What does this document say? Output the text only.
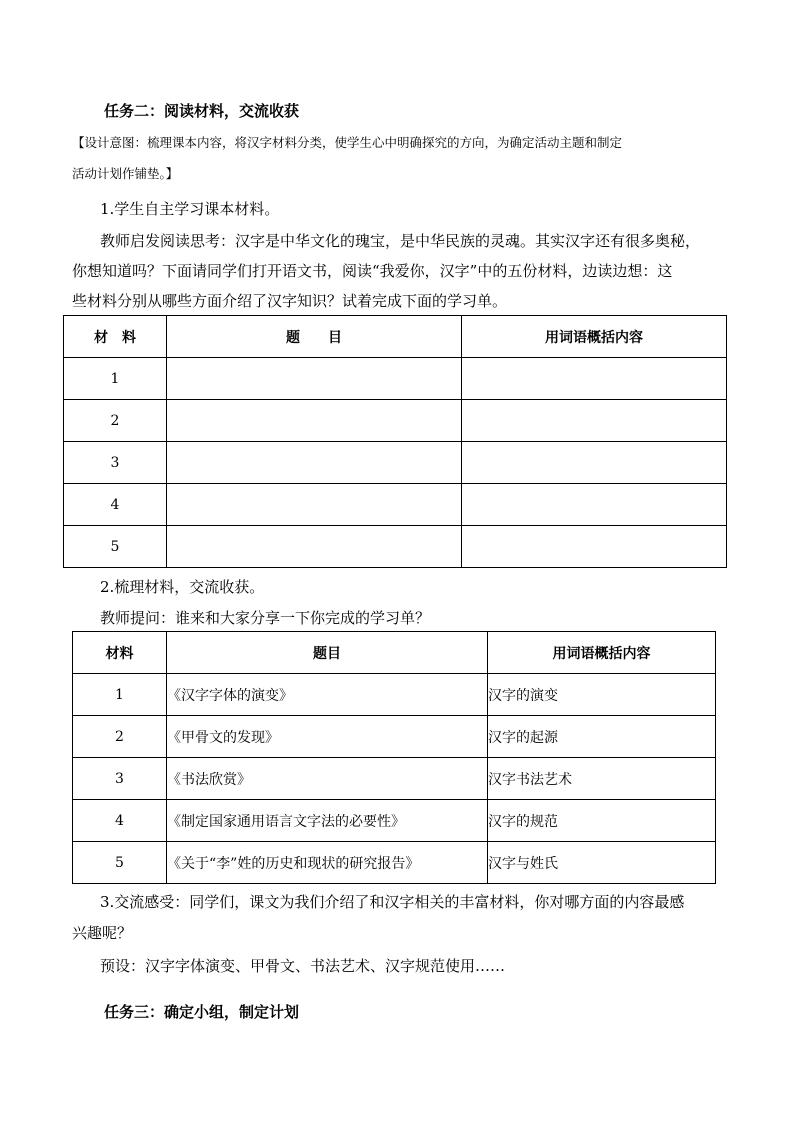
任务二：阅读材料，交流收获
【设计意图：梳理课本内容，将汉字材料分类，使学生心中明确探究的方向，为确定活动主题和制定
活动计划作铺垫。】
1.学生自主学习课本材料。
教师启发阅读思考：汉字是中华文化的瑰宝，是中华民族的灵魂。其实汉字还有很多奥秘，
你想知道吗？下面请同学们打开语文书，阅读“我爱你，汉字”中的五份材料，边读边想：这
些材料分别从哪些方面介绍了汉字知识？试着完成下面的学习单。
材　料	题　　目	用词语概括内容
1		
2		
3		
4		
5		
2.梳理材料，交流收获。
教师提问：谁来和大家分享一下你完成的学习单？
材料	题目	用词语概括内容
1	《汉字字体的演变》	汉字的演变
2	《甲骨文的发现》	汉字的起源
3	《书法欣赏》	汉字书法艺术
4	《制定国家通用语言文字法的必要性》	汉字的规范
5	《关于“李”姓的历史和现状的研究报告》	汉字与姓氏
3.交流感受：同学们，课文为我们介绍了和汉字相关的丰富材料，你对哪方面的内容最感
兴趣呢？
预设：汉字字体演变、甲骨文、书法艺术、汉字规范使用……
任务三：确定小组，制定计划
